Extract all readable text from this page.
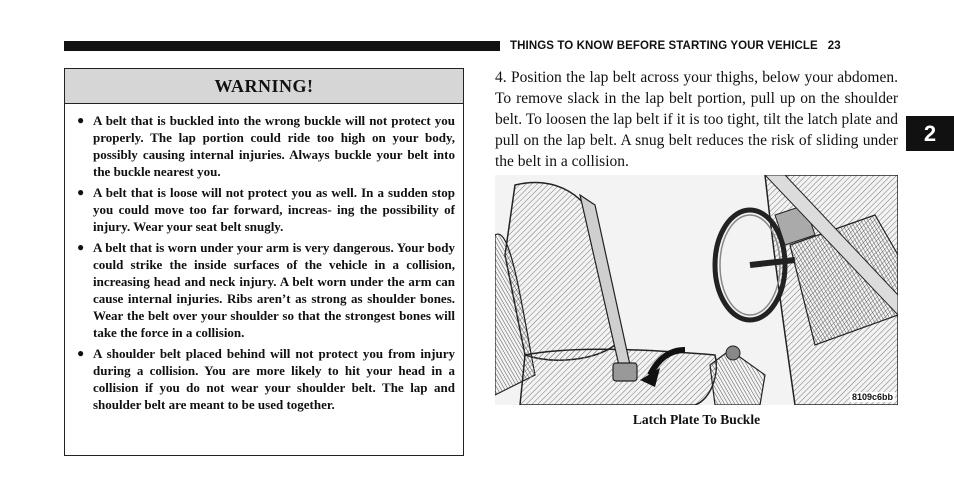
THINGS TO KNOW BEFORE STARTING YOUR VEHICLE 23
WARNING!
● A belt that is buckled into the wrong buckle will not protect you properly. The lap portion could ride too high on your body, possibly causing internal injuries. Always buckle your belt into the buckle nearest you.
● A belt that is loose will not protect you as well. In a sudden stop you could move too far forward, increas- ing the possibility of injury. Wear your seat belt snugly.
● A belt that is worn under your arm is very dangerous. Your body could strike the inside surfaces of the vehicle in a collision, increasing head and neck injury. A belt worn under the arm can cause internal injuries. Ribs aren’t as strong as shoulder bones. Wear the belt over your shoulder so that the strongest bones will take the force in a collision.
● A shoulder belt placed behind will not protect you from injury during a collision. You are more likely to hit your head in a collision if you do not wear your shoulder belt. The lap and shoulder belt are meant to be used together.

4. Position the lap belt across your thighs, below your abdomen. To remove slack in the lap belt portion, pull up on the shoulder belt. To loosen the lap belt if it is too tight, tilt the latch plate and pull on the lap belt. A snug belt reduces the risk of sliding under the belt in a collision.

2
8109c6bb
Latch Plate To Buckle
